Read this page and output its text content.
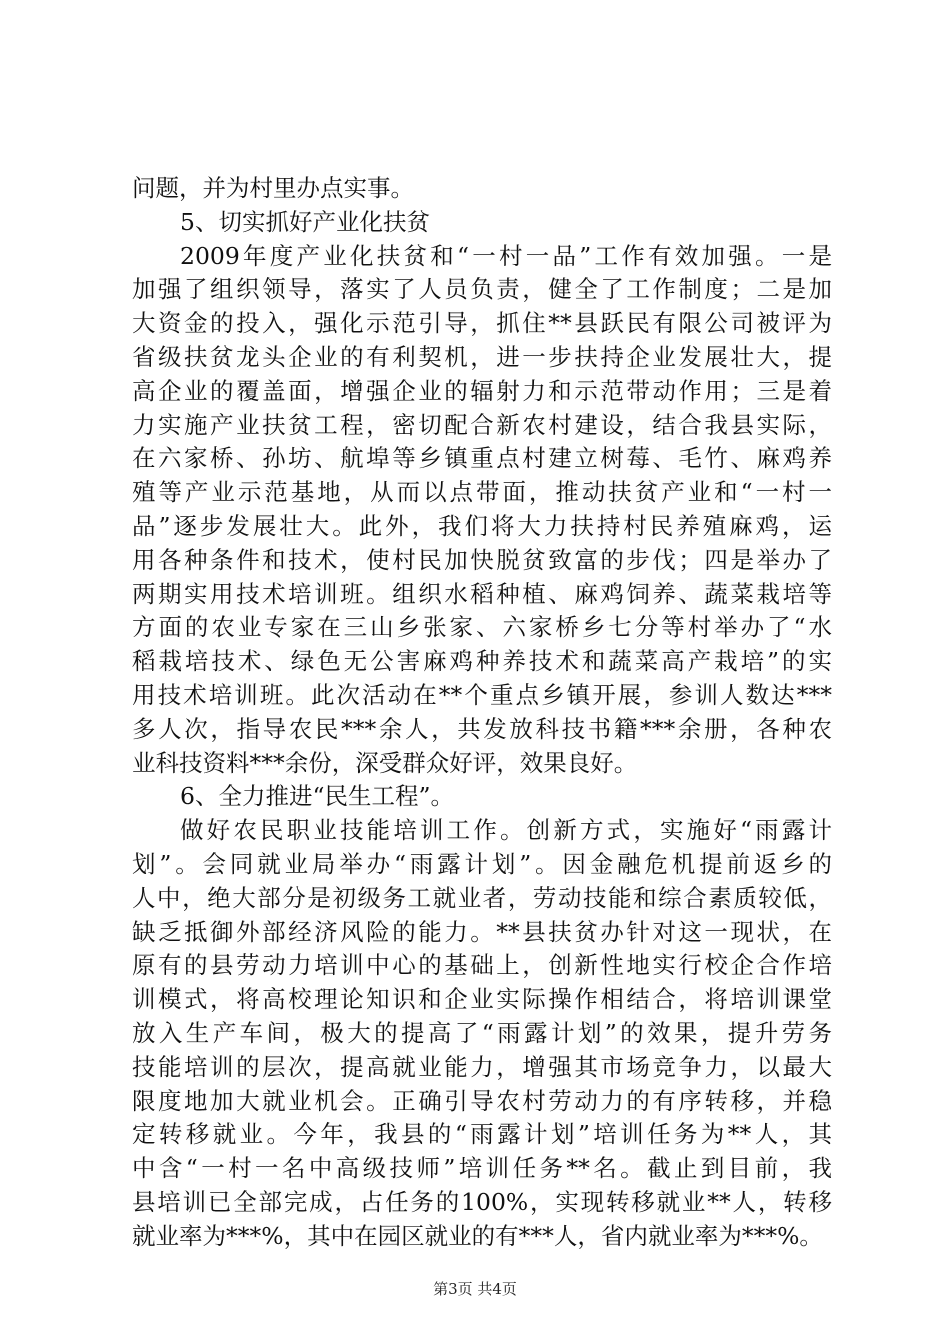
问题，并为村里办点实事。
5、切实抓好产业化扶贫
2009年度产业化扶贫和“一村一品”工作有效加强。一是
加强了组织领导，落实了人员负责，健全了工作制度；二是加
大资金的投入，强化示范引导，抓住**县跃民有限公司被评为
省级扶贫龙头企业的有利契机，进一步扶持企业发展壮大，提
高企业的覆盖面，增强企业的辐射力和示范带动作用；三是着
力实施产业扶贫工程，密切配合新农村建设，结合我县实际，
在六家桥、孙坊、航埠等乡镇重点村建立树莓、毛竹、麻鸡养
殖等产业示范基地，从而以点带面，推动扶贫产业和“一村一
品”逐步发展壮大。此外，我们将大力扶持村民养殖麻鸡，运
用各种条件和技术，使村民加快脱贫致富的步伐；四是举办了
两期实用技术培训班。组织水稻种植、麻鸡饲养、蔬菜栽培等
方面的农业专家在三山乡张家、六家桥乡七分等村举办了“水
稻栽培技术、绿色无公害麻鸡种养技术和蔬菜高产栽培”的实
用技术培训班。此次活动在**个重点乡镇开展，参训人数达***
多人次，指导农民***余人，共发放科技书籍***余册，各种农
业科技资料***余份，深受群众好评，效果良好。
6、全力推进“民生工程”。
做好农民职业技能培训工作。创新方式，实施好“雨露计
划”。会同就业局举办“雨露计划”。因金融危机提前返乡的
人中，绝大部分是初级务工就业者，劳动技能和综合素质较低，
缺乏抵御外部经济风险的能力。**县扶贫办针对这一现状，在
原有的县劳动力培训中心的基础上，创新性地实行校企合作培
训模式，将高校理论知识和企业实际操作相结合，将培训课堂
放入生产车间，极大的提高了“雨露计划”的效果，提升劳务
技能培训的层次，提高就业能力，增强其市场竞争力，以最大
限度地加大就业机会。正确引导农村劳动力的有序转移，并稳
定转移就业。今年，我县的“雨露计划”培训任务为**人，其
中含“一村一名中高级技师”培训任务**名。截止到目前，我
县培训已全部完成，占任务的100%，实现转移就业**人，转移
就业率为***%，其中在园区就业的有***人，省内就业率为***%。
第3页 共4页
